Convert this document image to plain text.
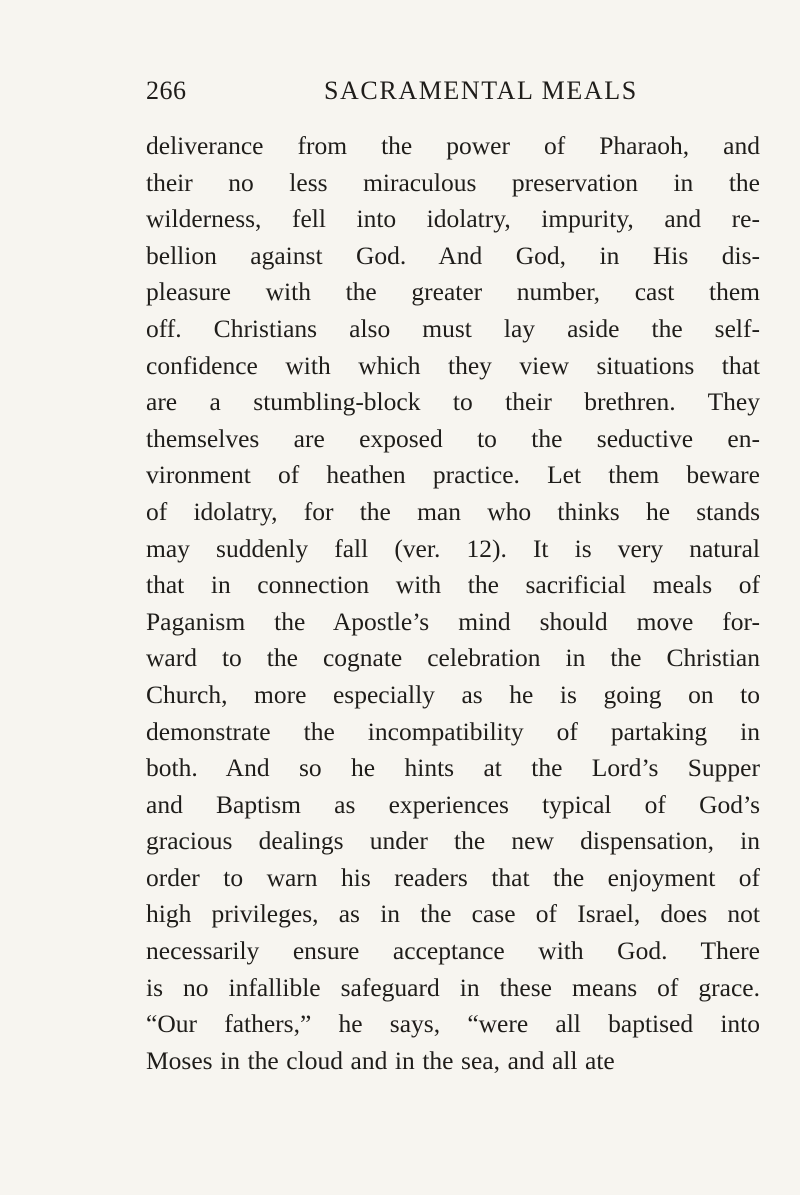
266	SACRAMENTAL MEALS
deliverance from the power of Pharaoh, and
their no less miraculous preservation in the
wilderness, fell into idolatry, impurity, and re-
bellion against God. And God, in His dis-
pleasure with the greater number, cast them
off. Christians also must lay aside the self-
confidence with which they view situations that
are a stumbling-block to their brethren. They
themselves are exposed to the seductive en-
vironment of heathen practice. Let them beware
of idolatry, for the man who thinks he stands
may suddenly fall (ver. 12). It is very natural
that in connection with the sacrificial meals of
Paganism the Apostle’s mind should move for-
ward to the cognate celebration in the Christian
Church, more especially as he is going on to
demonstrate the incompatibility of partaking in
both. And so he hints at the Lord’s Supper
and Baptism as experiences typical of God’s
gracious dealings under the new dispensation, in
order to warn his readers that the enjoyment of
high privileges, as in the case of Israel, does not
necessarily ensure acceptance with God. There
is no infallible safeguard in these means of grace.
“Our fathers,” he says, “were all baptised into
Moses in the cloud and in the sea, and all ate
